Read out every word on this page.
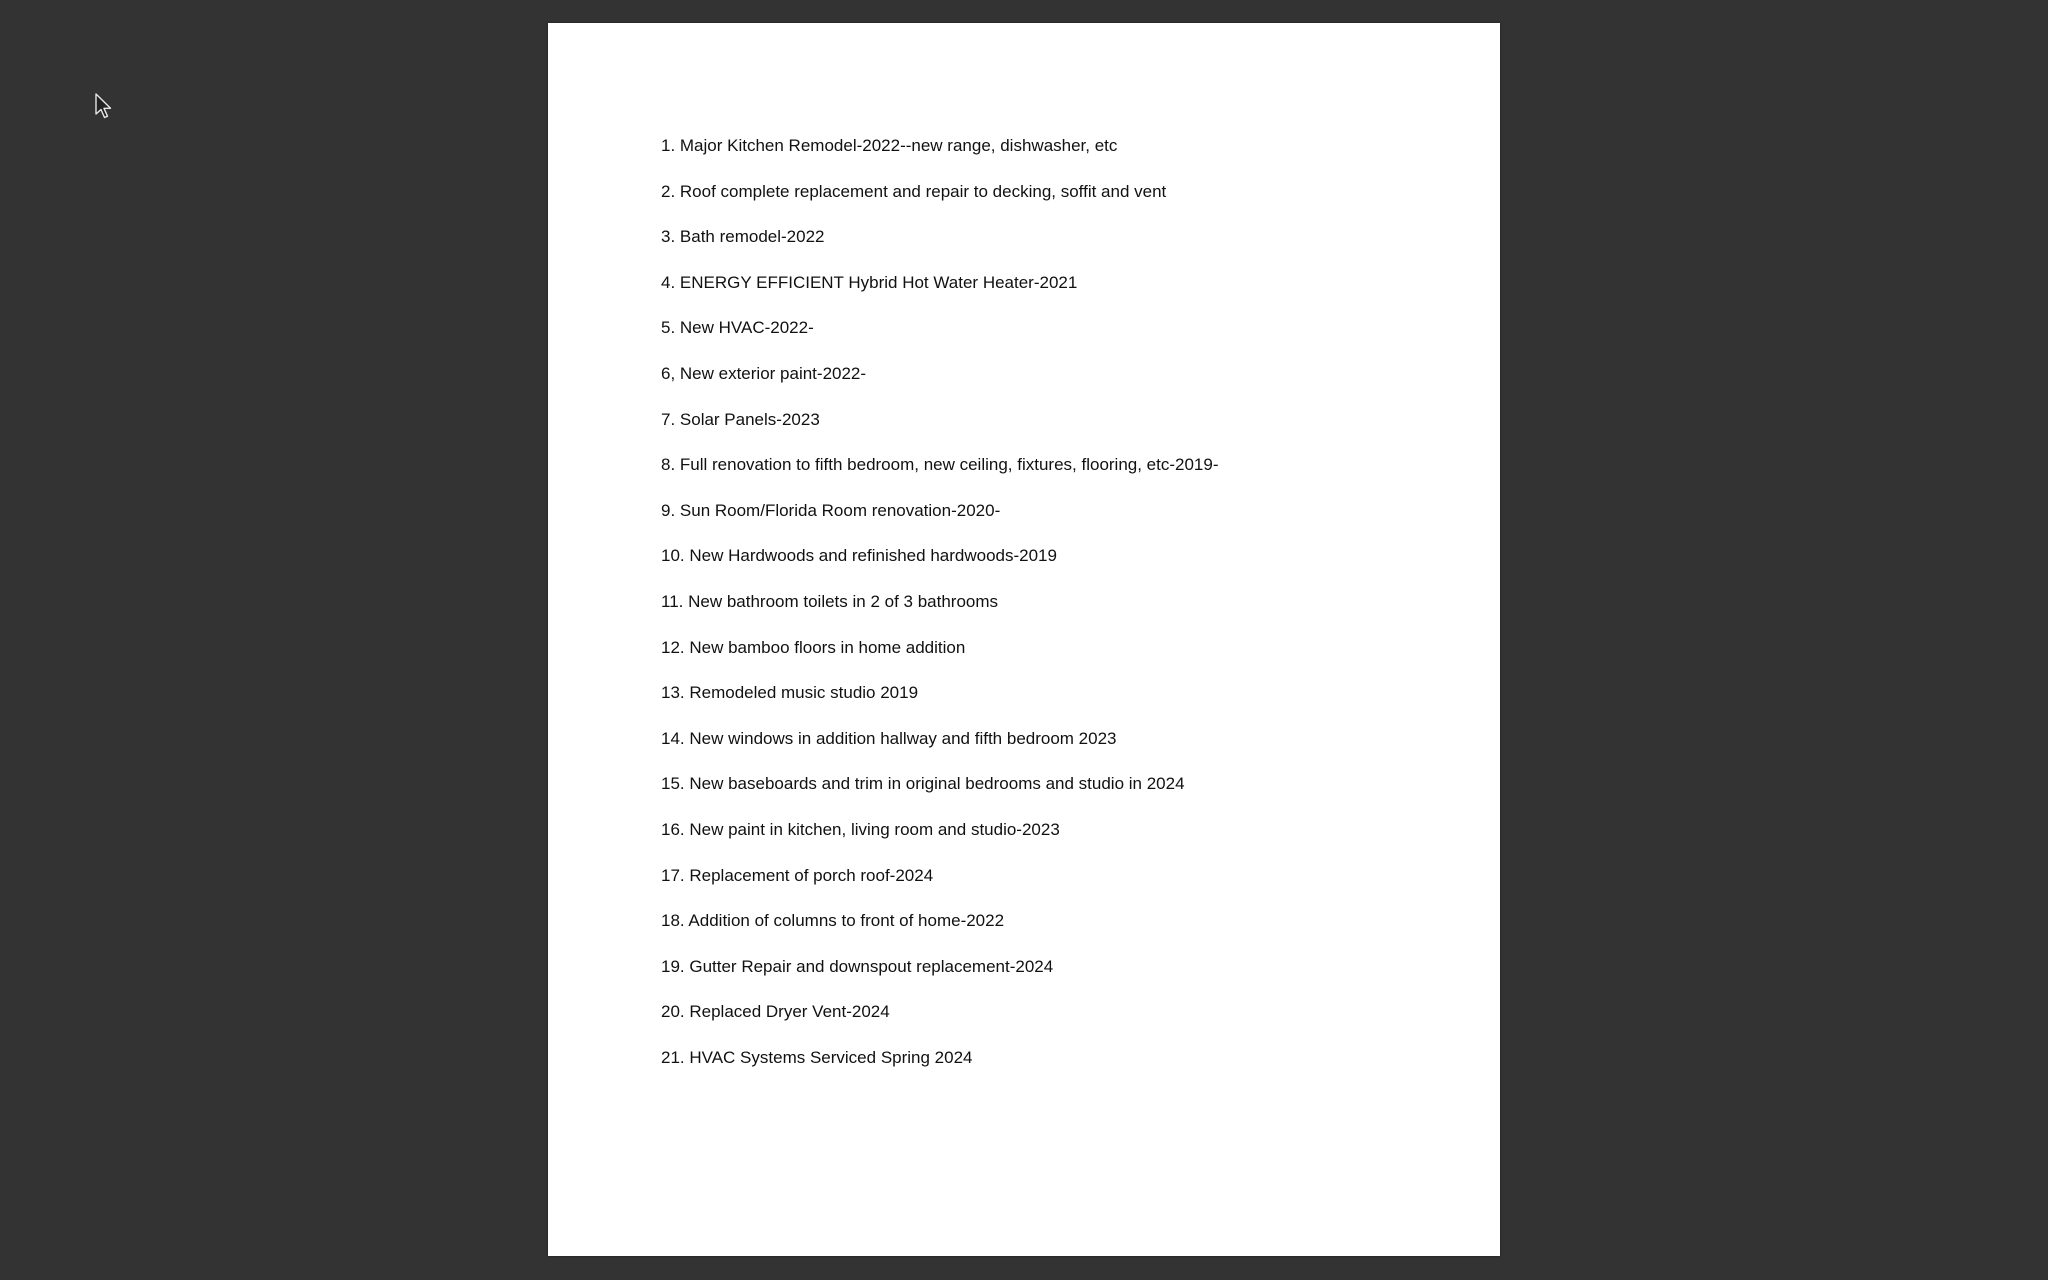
1. Major Kitchen Remodel-2022--new range, dishwasher, etc
2. Roof complete replacement and repair to decking, soffit and vent
3. Bath remodel-2022
4. ENERGY EFFICIENT Hybrid Hot Water Heater-2021
5. New HVAC-2022-
6, New exterior paint-2022-
7. Solar Panels-2023
8. Full renovation to fifth bedroom, new ceiling, fixtures, flooring, etc-2019-
9. Sun Room/Florida Room renovation-2020-
10. New Hardwoods and refinished hardwoods-2019
11. New bathroom toilets in 2 of 3 bathrooms
12. New bamboo floors in home addition
13. Remodeled music studio 2019
14. New windows in addition hallway and fifth bedroom 2023
15. New baseboards and trim in original bedrooms and studio in 2024
16. New paint in kitchen, living room and studio-2023
17. Replacement of porch roof-2024
18. Addition of columns to front of home-2022
19. Gutter Repair and downspout replacement-2024
20. Replaced Dryer Vent-2024
21. HVAC Systems Serviced Spring 2024
